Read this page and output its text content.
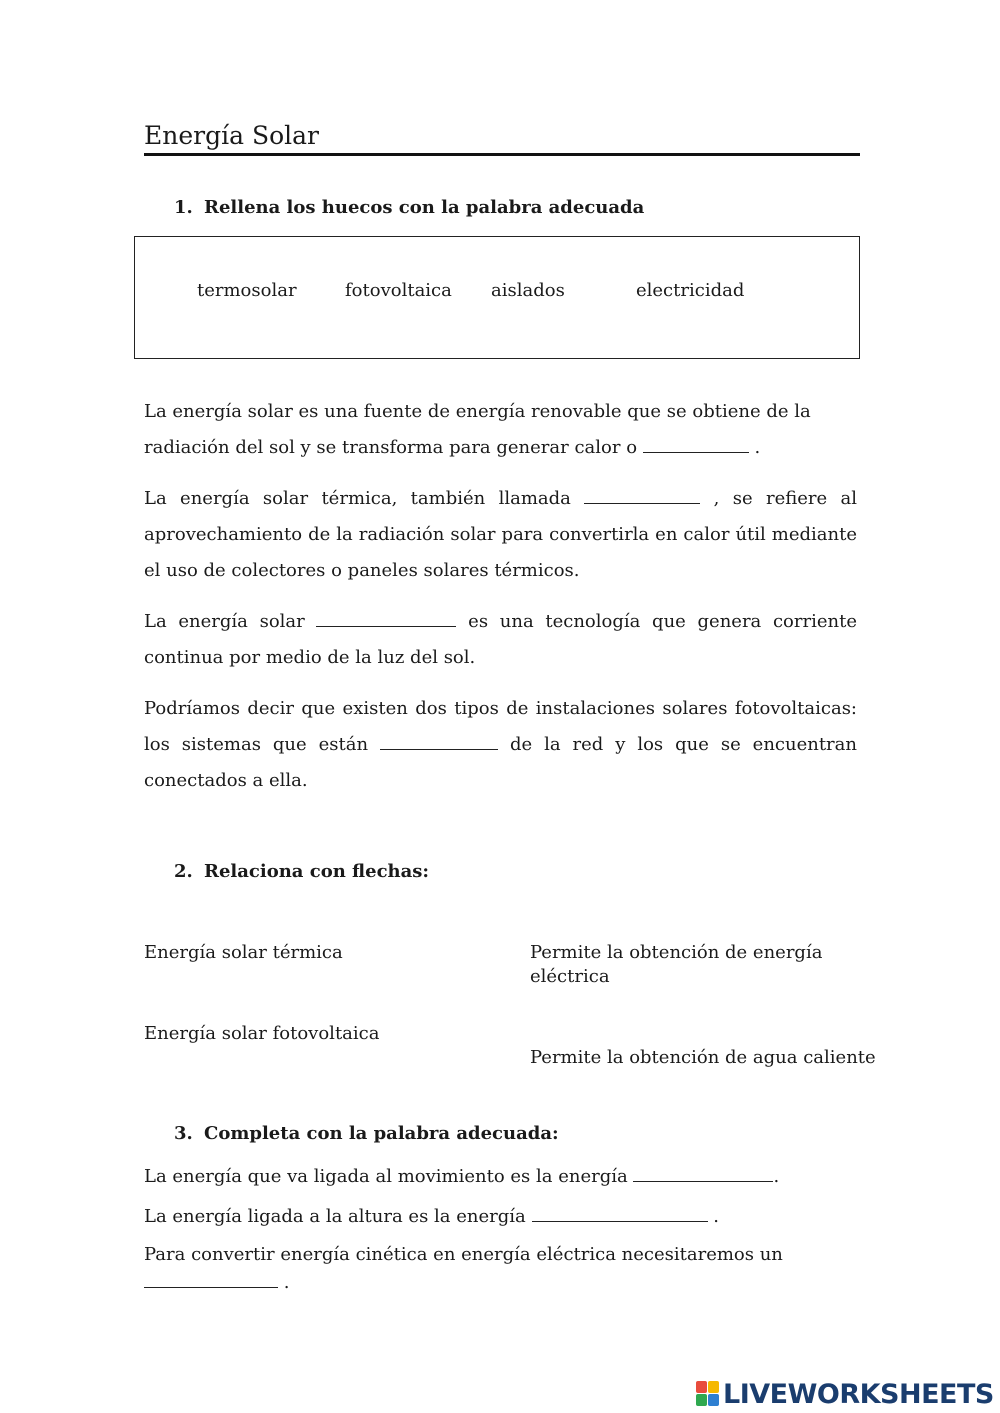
Energía Solar
1. Rellena los huecos con la palabra adecuada
termosolar	fotovoltaica aislados	electricidad

La energía solar es una fuente de energía renovable que se obtiene de la radiación del sol y se transforma para generar calor o	.

La energía solar térmica, también llamada	, se refiere al aprovechamiento de la radiación solar para convertirla en calor útil mediante el uso de colectores o paneles solares térmicos.

La energía solar	es una tecnología que genera corriente continua por medio de la luz del sol.

Podríamos decir que existen dos tipos de instalaciones solares fotovoltaicas: los sistemas que están	de la red y los que se encuentran conectados a ella.

2. Relaciona con flechas:
Energía solar térmica
Energía solar fotovoltaica
Permite la obtención de energía eléctrica
Permite la obtención de agua caliente
3. Completa con la palabra adecuada:
La energía que va ligada al movimiento es la energía	.
La energía ligada a la altura es la energía	.
Para convertir energía cinética en energía eléctrica necesitaremos un
.
LIVEWORKSHEETS
